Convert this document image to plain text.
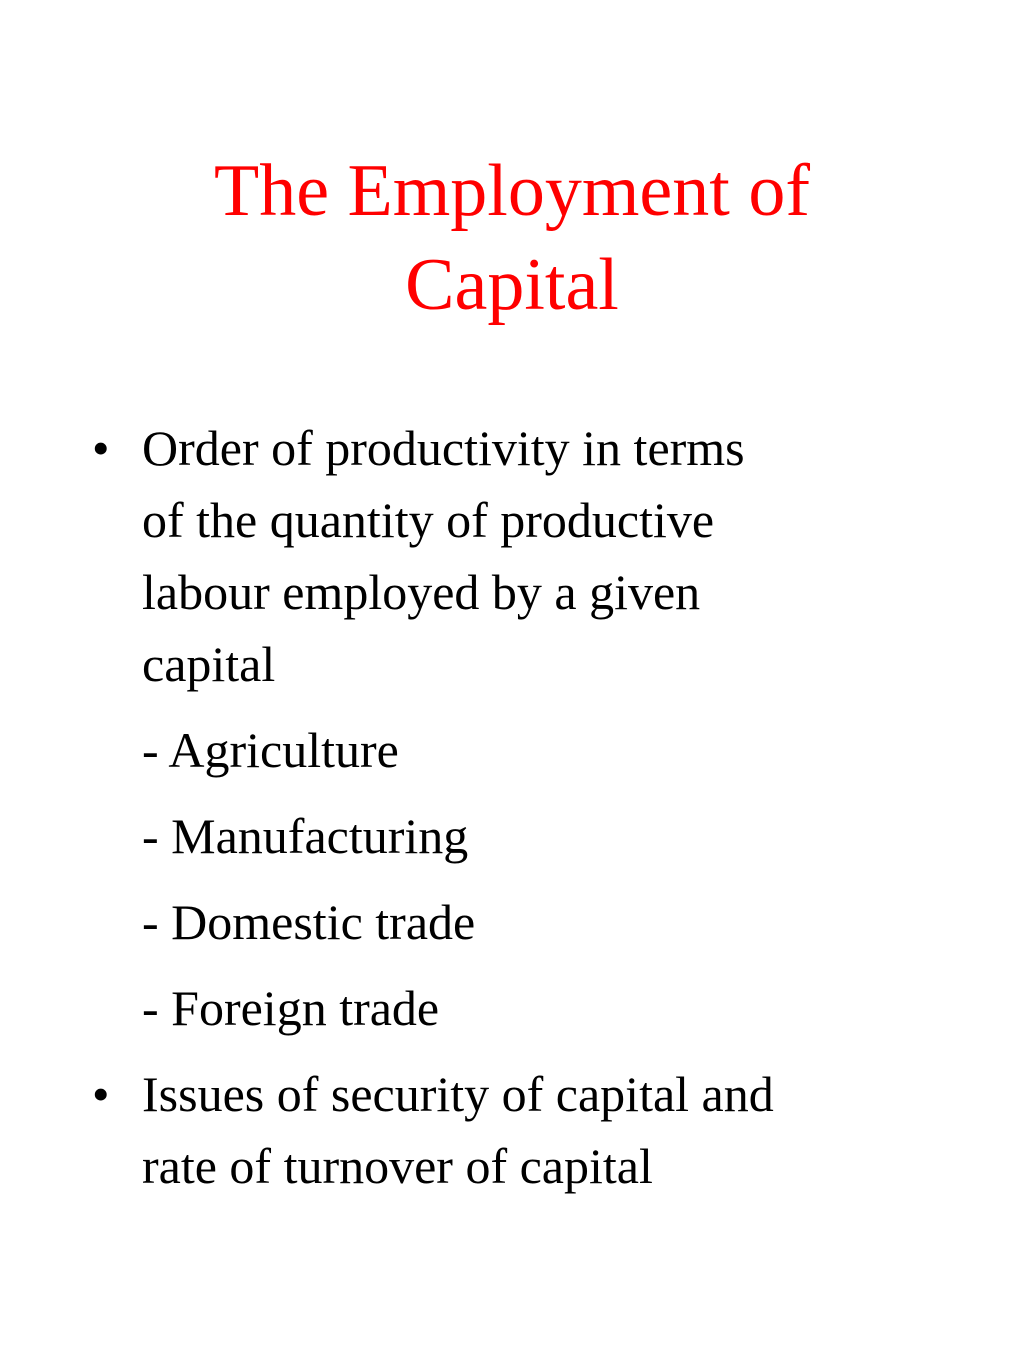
The Employment of
Capital
• Order of productivity in terms
of the quantity of productive
labour employed by a given
capital
- Agriculture
- Manufacturing
- Domestic trade
- Foreign trade
• Issues of security of capital and
rate of turnover of capital
